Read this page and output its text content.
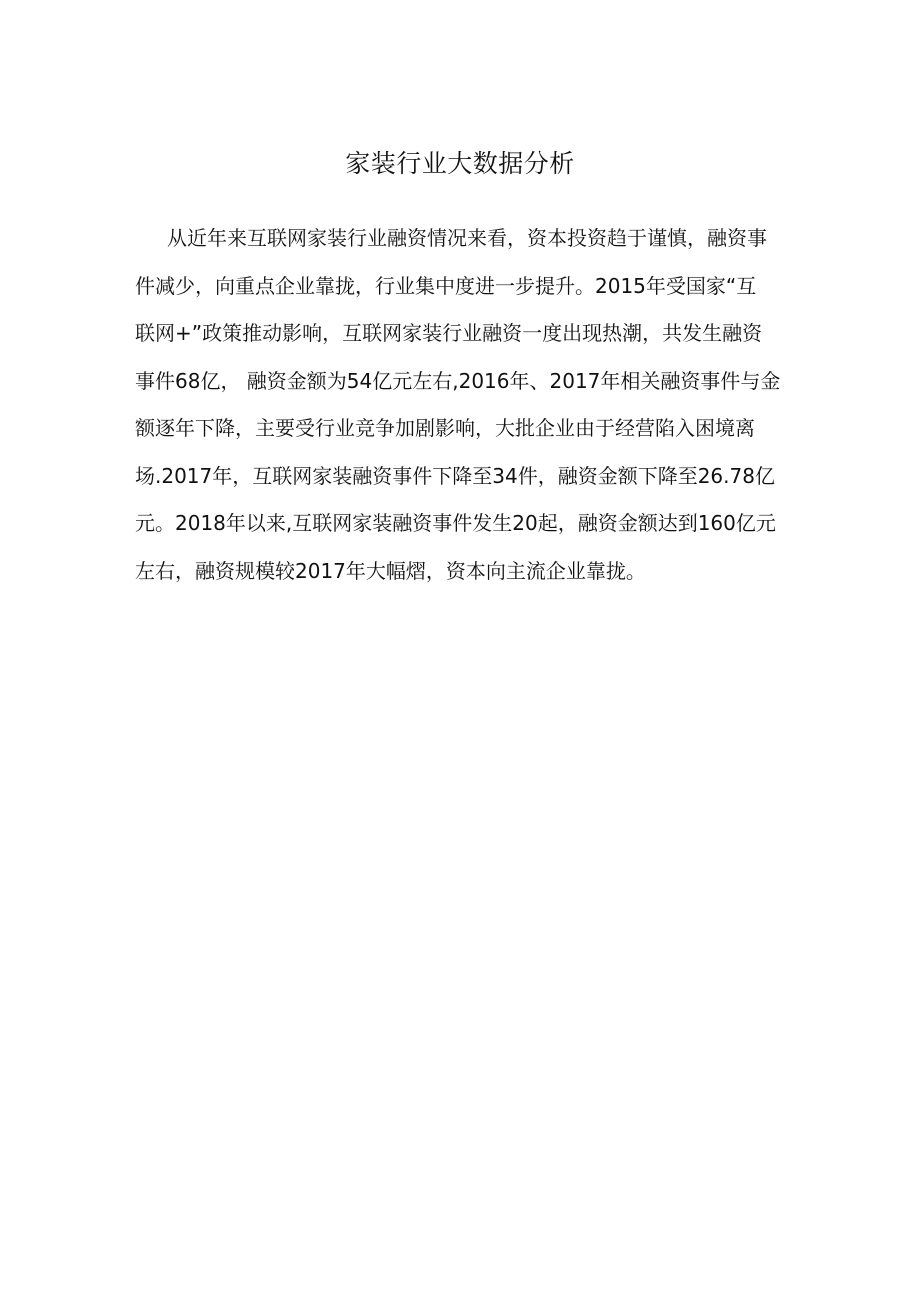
家装行业大数据分析
从近年来互联网家装行业融资情况来看，资本投资趋于谨慎，融资事
件减少，向重点企业靠拢，行业集中度进一步提升。2015年受国家“互
联网+”政策推动影响，互联网家装行业融资一度出现热潮，共发生融资
事件68亿， 融资金额为54亿元左右,2016年、2017年相关融资事件与金
额逐年下降，主要受行业竞争加剧影响，大批企业由于经营陷入困境离
场.2017年，互联网家装融资事件下降至34件，融资金额下降至26.78亿
元。2018年以来,互联网家装融资事件发生20起，融资金额达到160亿元
左右，融资规模较2017年大幅熠，资本向主流企业靠拢。
